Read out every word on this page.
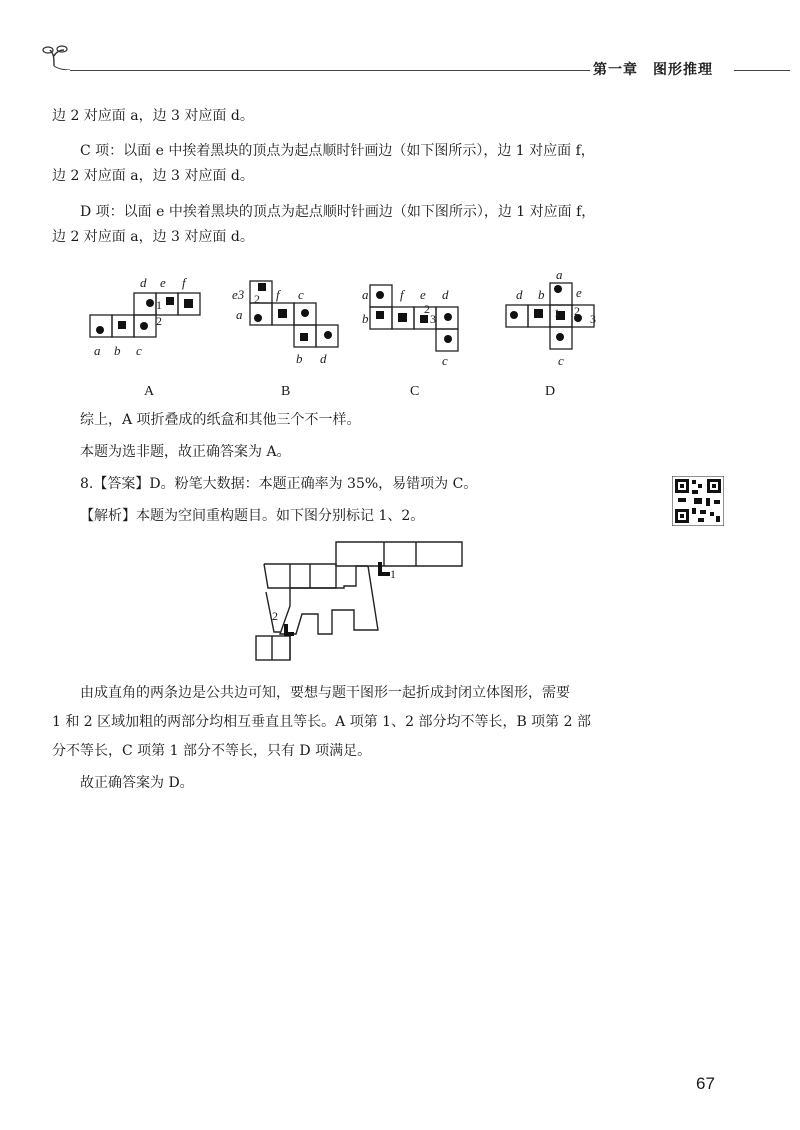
第一章　图形推理
边 2 对应面 a，边 3 对应面 d。
C 项：以面 e 中挨着黑块的顶点为起点顺时针画边（如下图所示），边 1 对应面 f，
边 2 对应面 a，边 3 对应面 d。
D 项：以面 e 中挨着黑块的顶点为起点顺时针画边（如下图所示），边 1 对应面 f，
边 2 对应面 a，边 3 对应面 d。
d e f
a b c
1
2
e3 f c
a
b d
2	a f e d
b
c
2
3
a
d b e
c
2
3
1
A	B	C	D
综上，A 项折叠成的纸盒和其他三个不一样。
本题为选非题，故正确答案为 A。
8.【答案】D。粉笔大数据：本题正确率为 35%，易错项为 C。
【解析】本题为空间重构题目。如下图分别标记 1、2。
1
2
由成直角的两条边是公共边可知，要想与题干图形一起折成封闭立体图形，需要
1 和 2 区域加粗的两部分均相互垂直且等长。A 项第 1、2 部分均不等长，B 项第 2 部
分不等长，C 项第 1 部分不等长，只有 D 项满足。
故正确答案为 D。
67
